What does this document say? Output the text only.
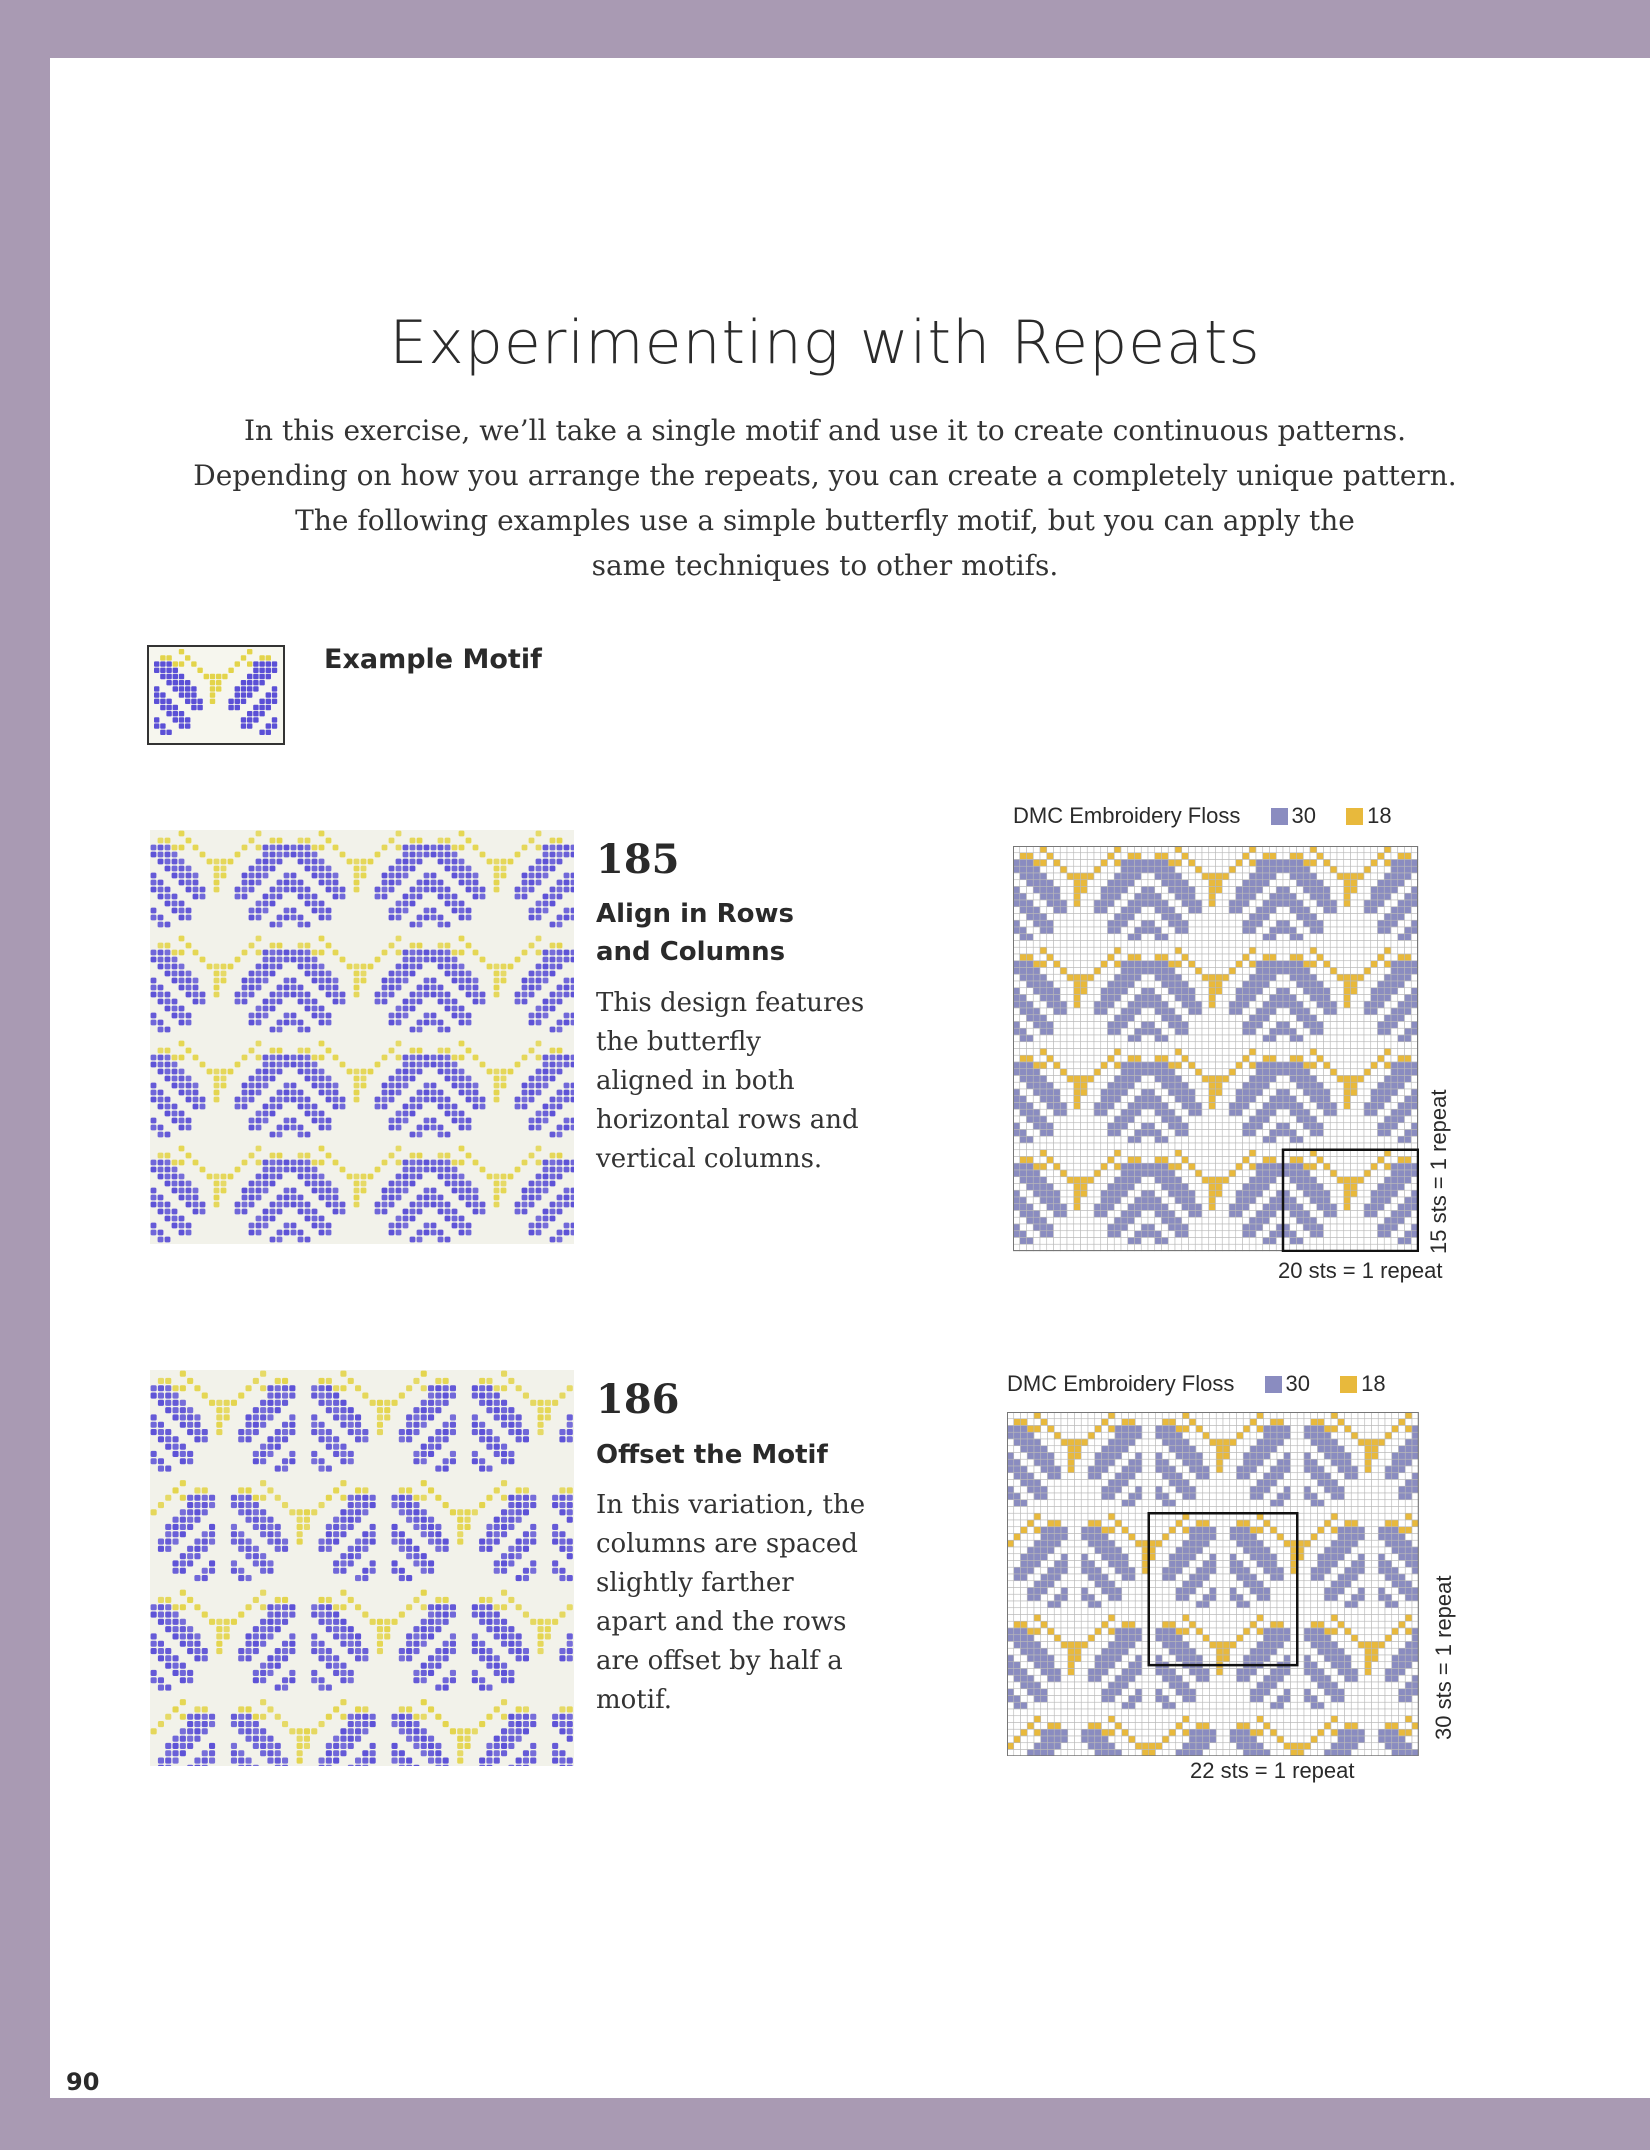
Experimenting with Repeats
In this exercise, we’ll take a single motif and use it to create continuous patterns.
Depending on how you arrange the repeats, you can create a completely unique pattern.
The following examples use a simple butterfly motif, but you can apply the
same techniques to other motifs.
Example Motif
185
Align in Rows and Columns
This design features the butterfly aligned in both horizontal rows and vertical columns.
DMC Embroidery Floss 30 18
20 sts = 1 repeat
15 sts = 1 repeat
186
Offset the Motif
In this variation, the columns are spaced slightly farther apart and the rows are offset by half a motif.
DMC Embroidery Floss 30 18
22 sts = 1 repeat
30 sts = 1 repeat
90
